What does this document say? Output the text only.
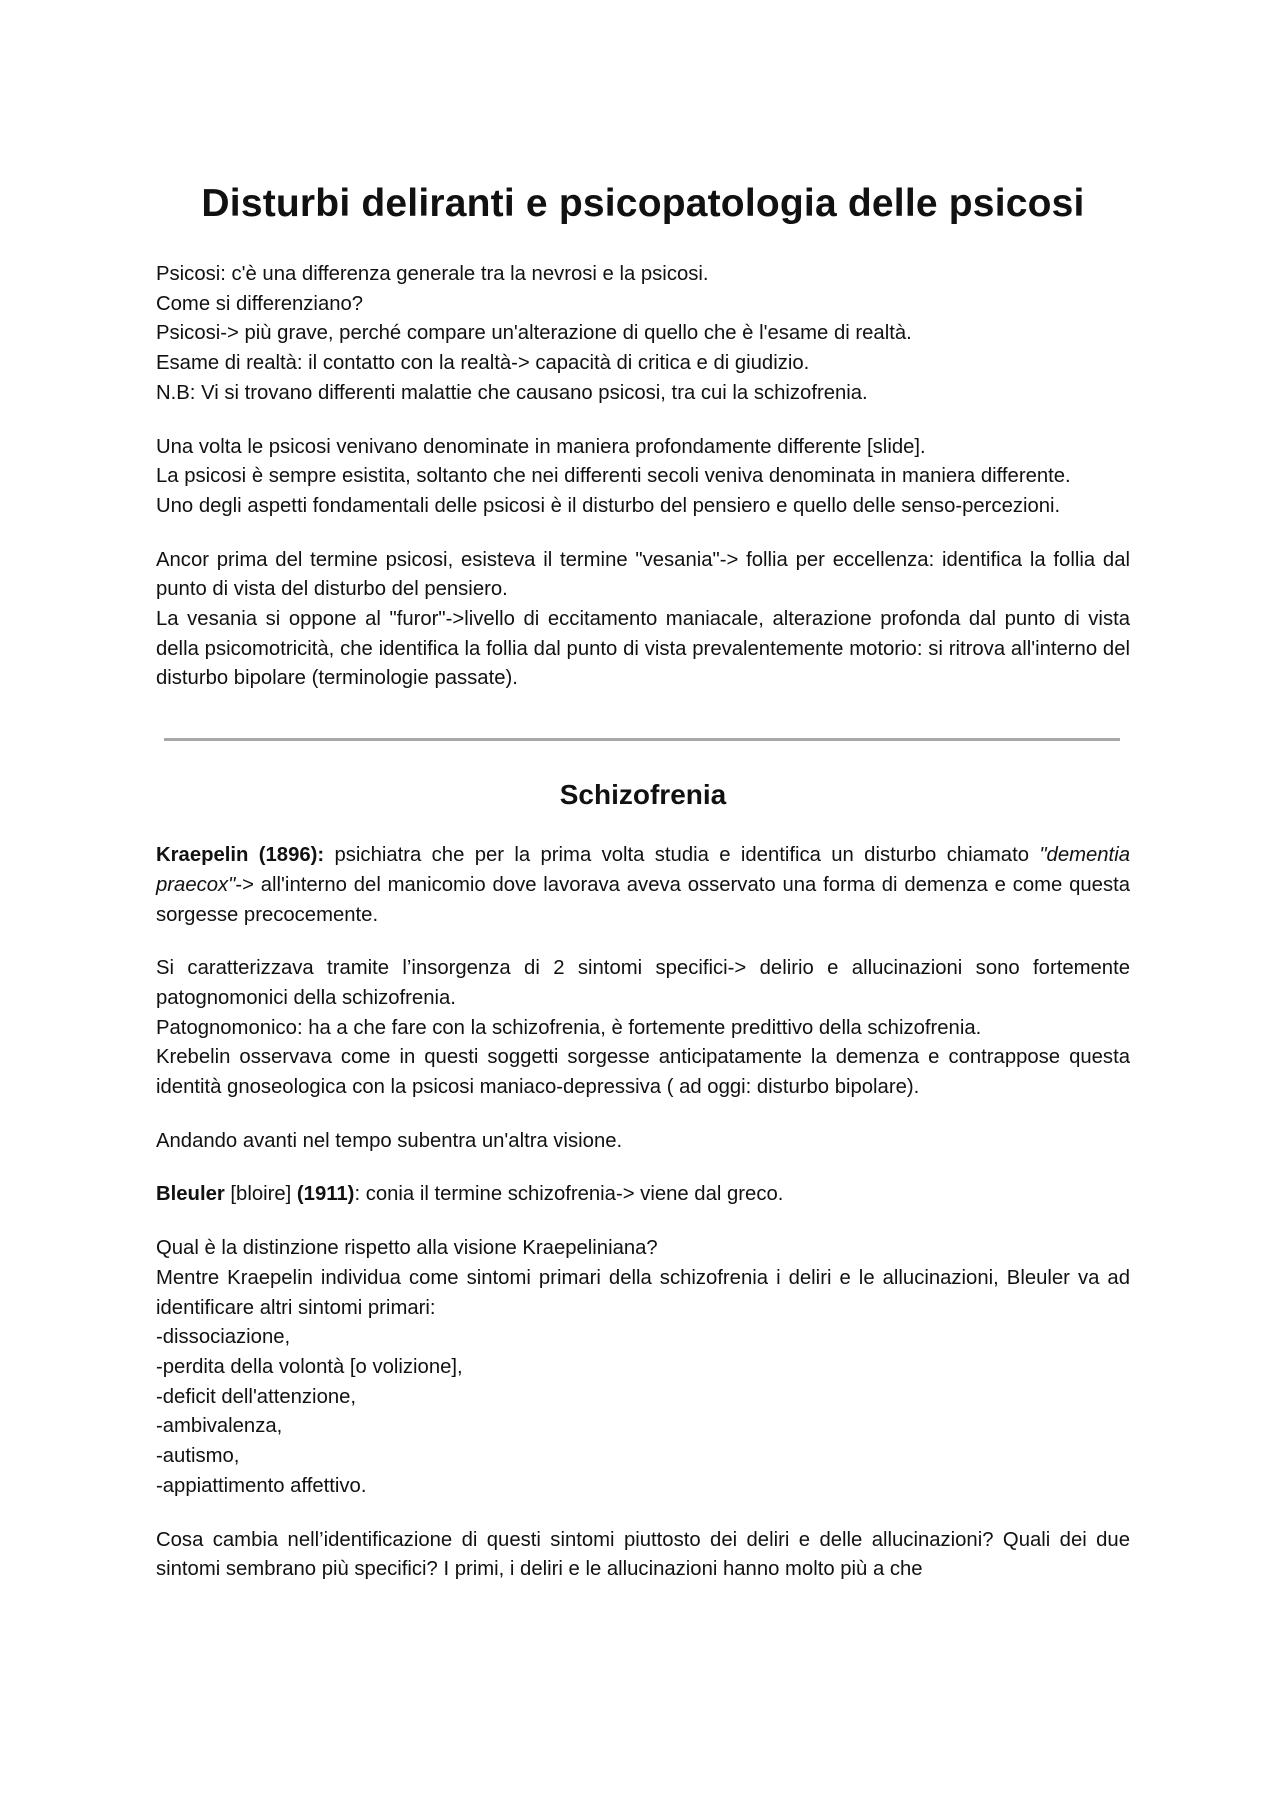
Disturbi deliranti e psicopatologia delle psicosi

Psicosi: c'è una differenza generale tra la nevrosi e la psicosi.

Come si differenziano?

Psicosi-> più grave, perché compare un'alterazione di quello che è l'esame di realtà.

Esame di realtà: il contatto con la realtà-> capacità di critica e di giudizio.

N.B: Vi si trovano differenti malattie che causano psicosi, tra cui la schizofrenia.

Una volta le psicosi venivano denominate in maniera profondamente differente [slide].

La psicosi è sempre esistita, soltanto che nei differenti secoli veniva denominata in maniera differente.

Uno degli aspetti fondamentali delle psicosi è il disturbo del pensiero e quello delle senso-percezioni.

Ancor prima del termine psicosi, esisteva il termine "vesania"-> follia per eccellenza: identifica la follia dal punto di vista del disturbo del pensiero.

La vesania si oppone al "furor"->livello di eccitamento maniacale, alterazione profonda dal punto di vista della psicomotricità, che identifica la follia dal punto di vista prevalentemente motorio: si ritrova all'interno del disturbo bipolare (terminologie passate).

Schizofrenia

Kraepelin (1896): psichiatra che per la prima volta studia e identifica un disturbo chiamato "dementia praecox"-> all'interno del manicomio dove lavorava aveva osservato una forma di demenza e come questa sorgesse precocemente.

Si caratterizzava tramite l’insorgenza di 2 sintomi specifici-> delirio e allucinazioni sono fortemente patognomonici della schizofrenia.

Patognomonico: ha a che fare con la schizofrenia, è fortemente predittivo della schizofrenia.

Krebelin osservava come in questi soggetti sorgesse anticipatamente la demenza e contrappose questa identità gnoseologica con la psicosi maniaco-depressiva ( ad oggi: disturbo bipolare).

Andando avanti nel tempo subentra un'altra visione.

Bleuler [bloire] (1911): conia il termine schizofrenia-> viene dal greco.

Qual è la distinzione rispetto alla visione Kraepeliniana?

Mentre Kraepelin individua come sintomi primari della schizofrenia i deliri e le allucinazioni, Bleuler va ad identificare altri sintomi primari:

-dissociazione,
-perdita della volontà [o volizione],
-deficit dell'attenzione,
-ambivalenza,
-autismo,
-appiattimento affettivo.

Cosa cambia nell’identificazione di questi sintomi piuttosto dei deliri e delle allucinazioni? Quali dei due sintomi sembrano più specifici? I primi, i deliri e le allucinazioni hanno molto più a che
